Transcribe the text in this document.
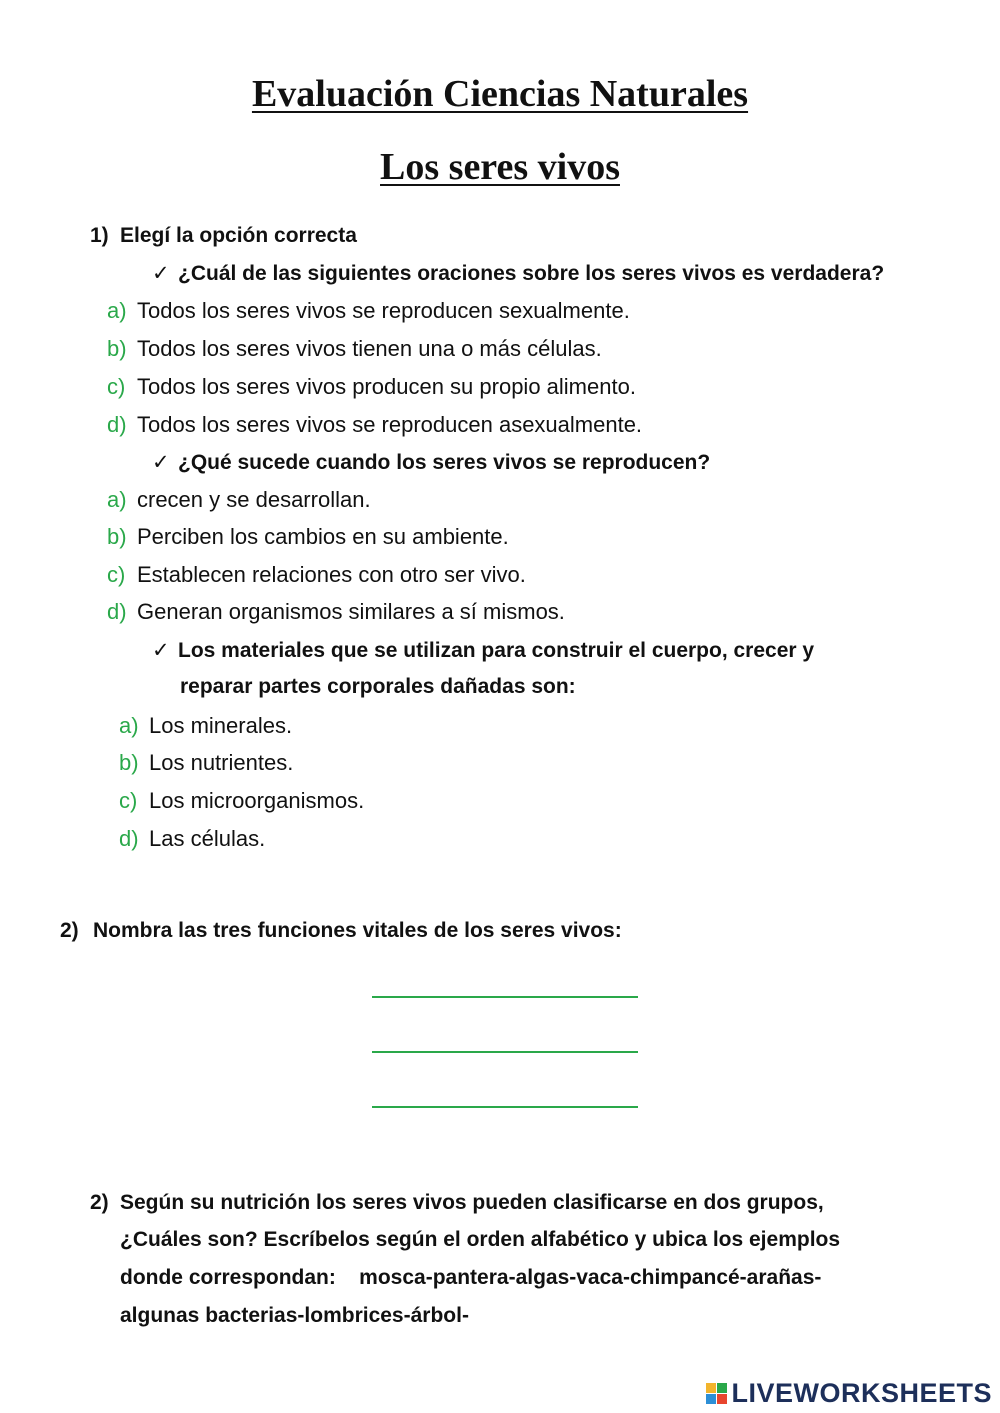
Evaluación Ciencias Naturales
Los seres vivos
1) Elegí la opción correcta
✓ ¿Cuál de las siguientes oraciones sobre los seres vivos es verdadera?
a) Todos los seres vivos se reproducen sexualmente.
b) Todos los seres vivos tienen una o más células.
c) Todos los seres vivos producen su propio alimento.
d) Todos los seres vivos se reproducen asexualmente.
✓ ¿Qué sucede cuando los seres vivos se reproducen?
a) crecen y se desarrollan.
b) Perciben los cambios en su ambiente.
c) Establecen relaciones con otro ser vivo.
d) Generan organismos similares a sí mismos.
✓ Los materiales que se utilizan para construir el cuerpo, crecer y
reparar partes corporales dañadas son:
a) Los minerales.
b) Los nutrientes.
c) Los microorganismos.
d) Las células.
2) Nombra las tres funciones vitales de los seres vivos:
2) Según su nutrición los seres vivos pueden clasificarse en dos grupos,
¿Cuáles son? Escríbelos según el orden alfabético y ubica los ejemplos
donde correspondan:    mosca-pantera-algas-vaca-chimpancé-arañas-
algunas bacterias-lombrices-árbol-
LIVEWORKSHEETS
